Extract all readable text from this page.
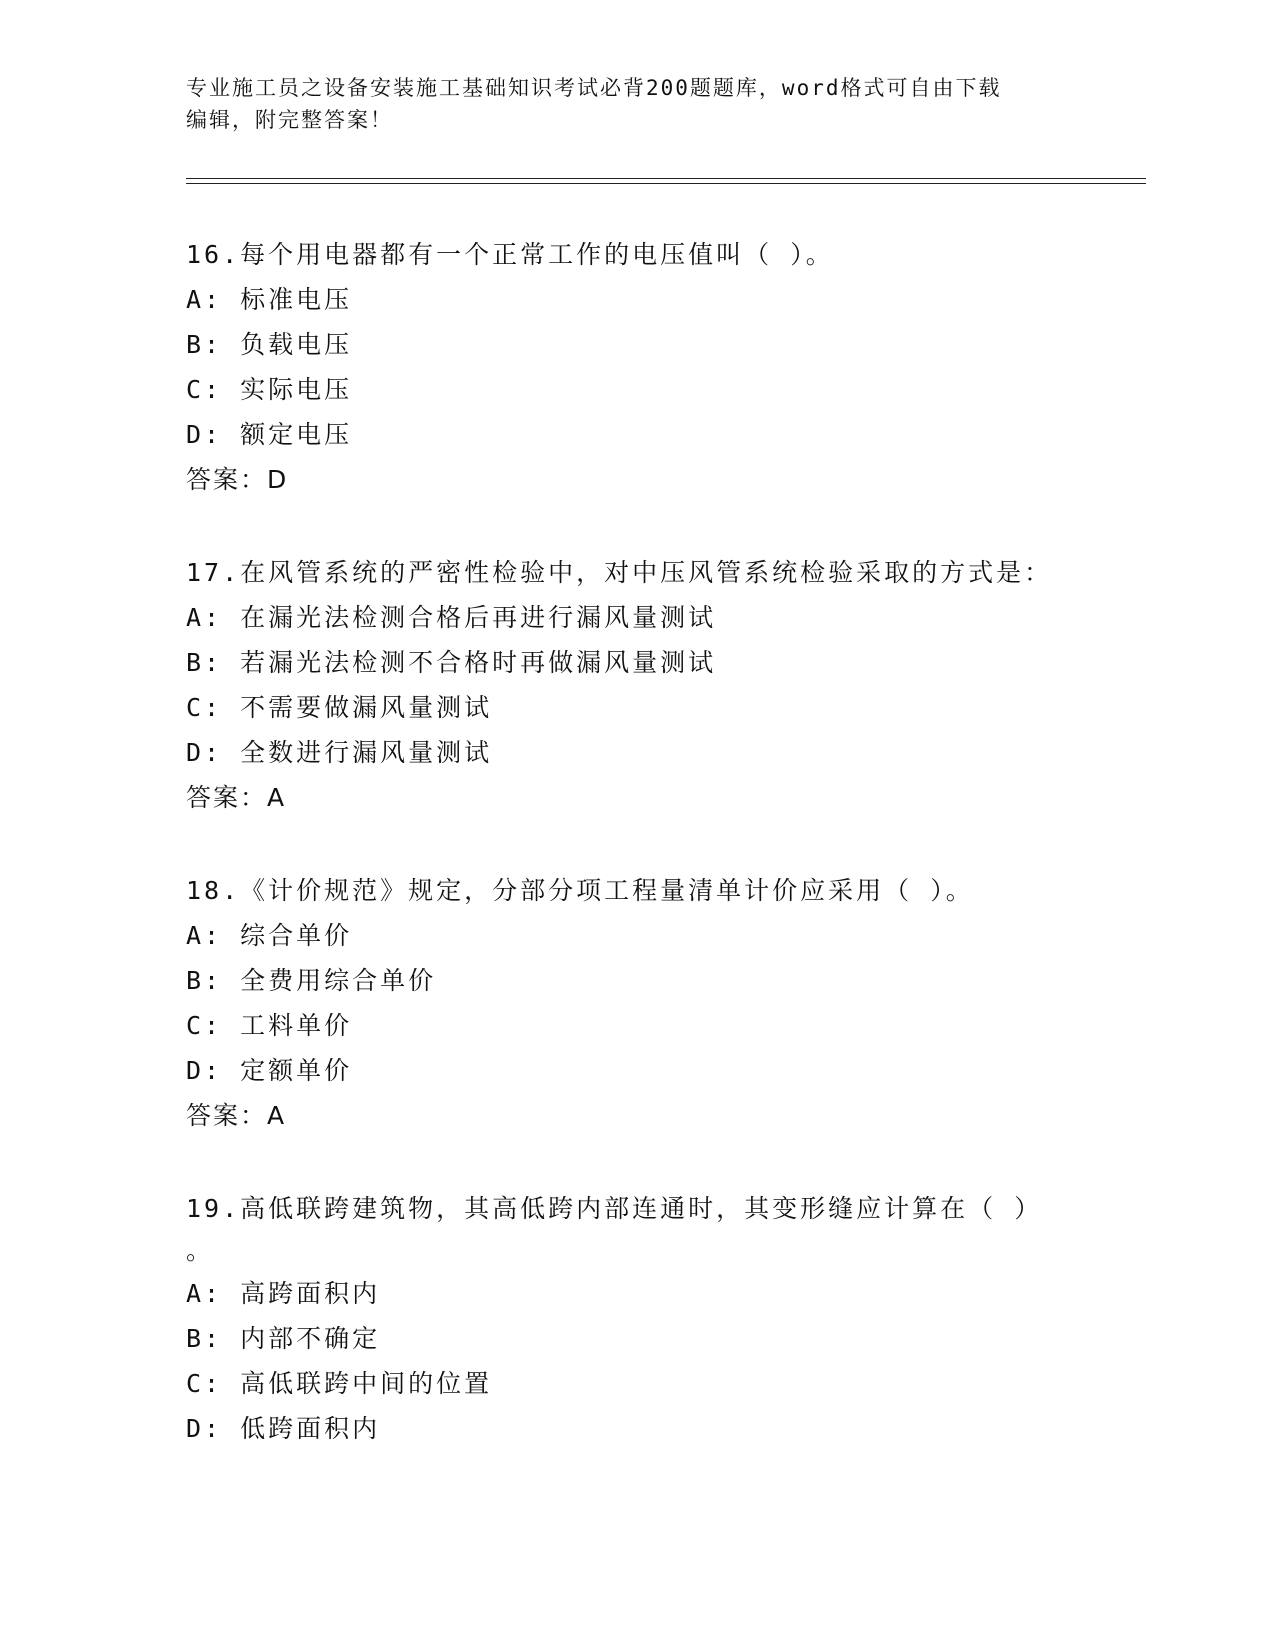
专业施工员之设备安装施工基础知识考试必背200题题库，word格式可自由下载
编辑，附完整答案！
16.每个用电器都有一个正常工作的电压值叫（ ）。
A: 标准电压
B: 负载电压
C: 实际电压
D: 额定电压
答案：D
17.在风管系统的严密性检验中，对中压风管系统检验采取的方式是：
A: 在漏光法检测合格后再进行漏风量测试
B: 若漏光法检测不合格时再做漏风量测试
C: 不需要做漏风量测试
D: 全数进行漏风量测试
答案：A
18.《计价规范》规定，分部分项工程量清单计价应采用（ ）。
A: 综合单价
B: 全费用综合单价
C: 工料单价
D: 定额单价
答案：A
19.高低联跨建筑物，其高低跨内部连通时，其变形缝应计算在（ ）
。
A: 高跨面积内
B: 内部不确定
C: 高低联跨中间的位置
D: 低跨面积内
